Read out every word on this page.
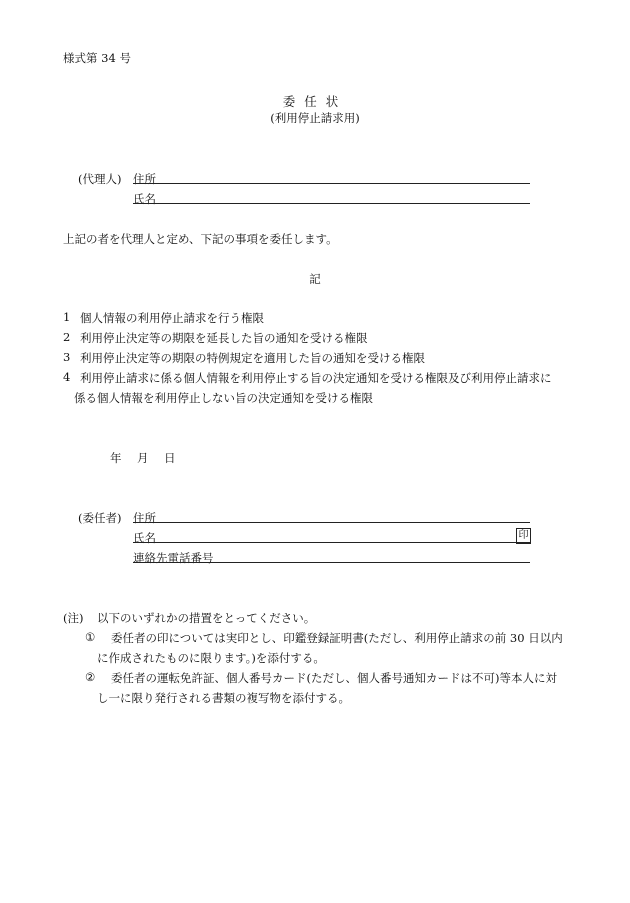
様式第 34 号
委任状
(利用停止請求用)
(代理人) 住所
氏名
上記の者を代理人と定め、下記の事項を委任します。
記
1 個人情報の利用停止請求を行う権限
2 利用停止決定等の期限を延長した旨の通知を受ける権限
3 利用停止決定等の期限の特例規定を適用した旨の通知を受ける権限
4 利用停止請求に係る個人情報を利用停止する旨の決定通知を受ける権限及び利用停止請求に
係る個人情報を利用停止しない旨の決定通知を受ける権限
年　月　日
(委任者) 住所
氏名	印
連絡先電話番号
(注) 以下のいずれかの措置をとってください。
① 委任者の印については実印とし、印鑑登録証明書(ただし、利用停止請求の前 30 日以内
に作成されたものに限ります。)を添付する。
② 委任者の運転免許証、個人番号カード(ただし、個人番号通知カードは不可)等本人に対
し一に限り発行される書類の複写物を添付する。
